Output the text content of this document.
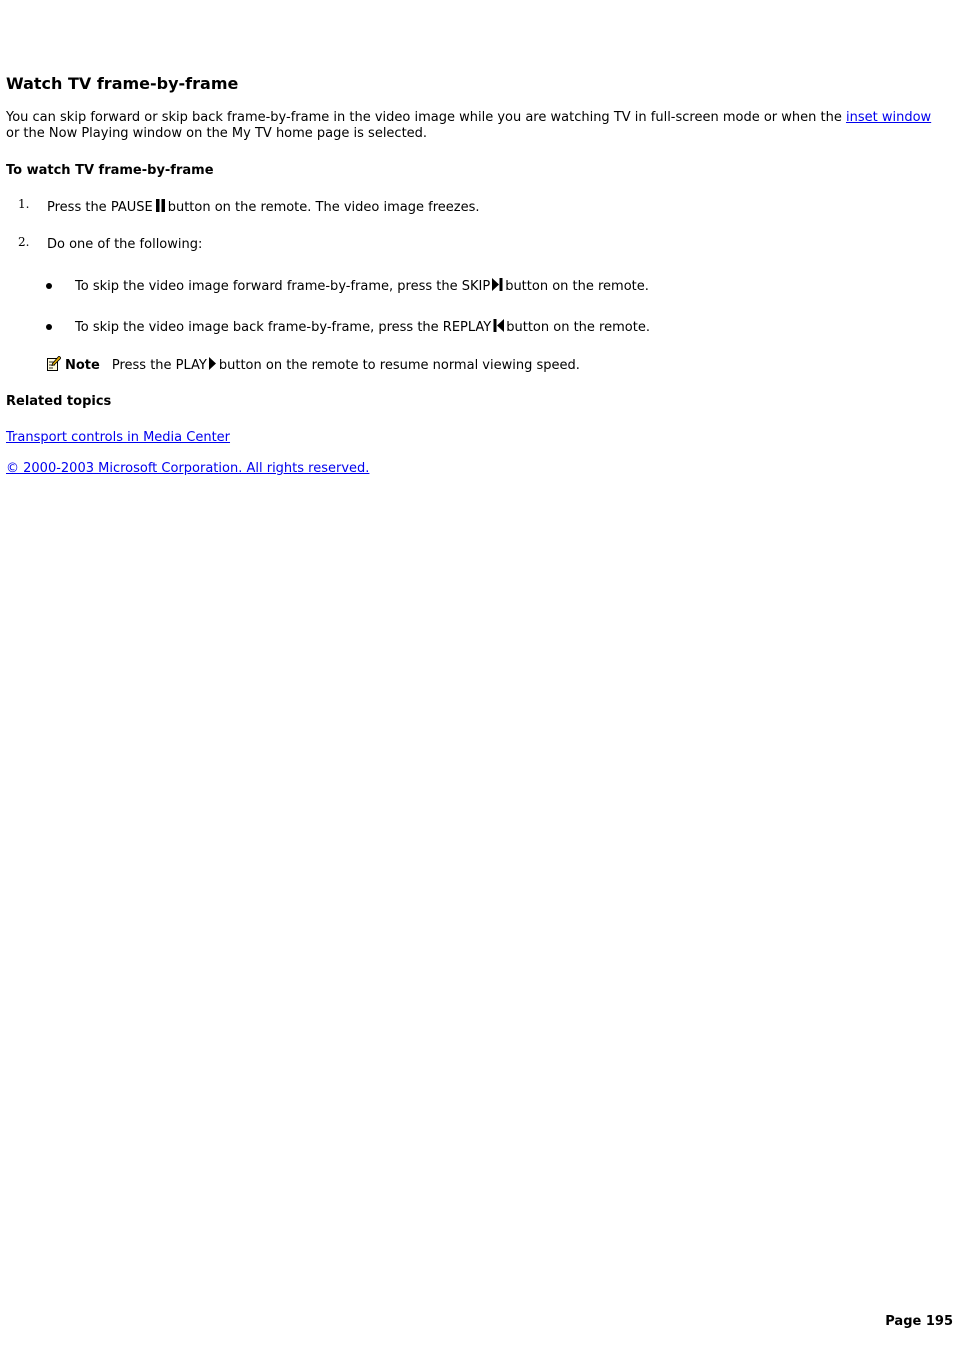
Watch TV frame-by-frame

You can skip forward or skip back frame-by-frame in the video image while you are watching TV in full-screen mode or when the inset window or the Now Playing window on the My TV home page is selected.

To watch TV frame-by-frame
1. Press the PAUSE button on the remote. The video image freezes.
2. Do one of the following:
To skip the video image forward frame-by-frame, press the SKIP button on the remote.
To skip the video image back frame-by-frame, press the REPLAY button on the remote.
Note Press the PLAY button on the remote to resume normal viewing speed.
Related topics
Transport controls in Media Center
© 2000-2003 Microsoft Corporation. All rights reserved.
Page 195
